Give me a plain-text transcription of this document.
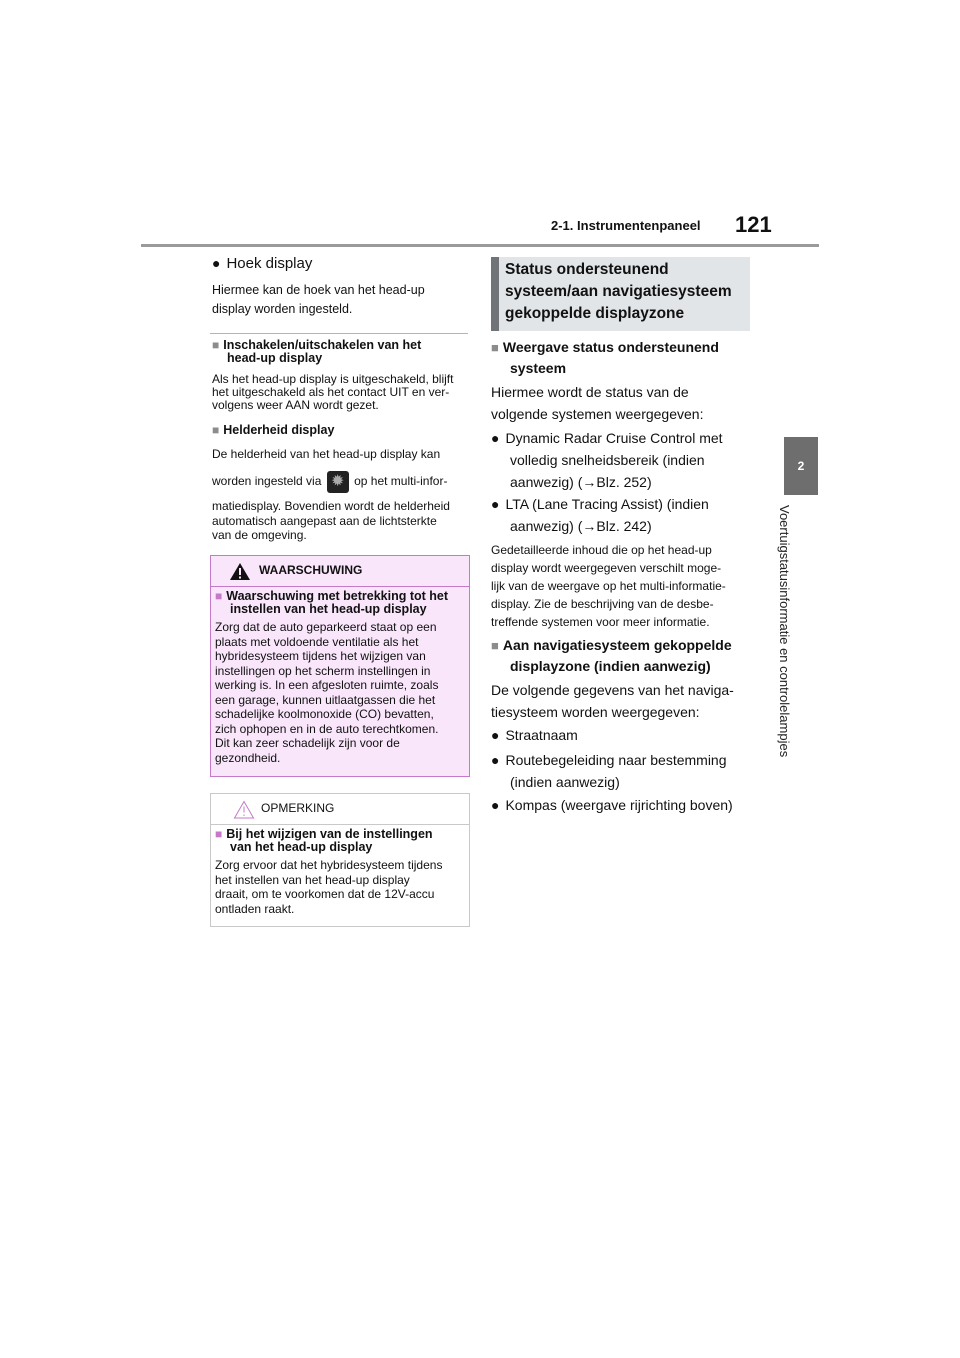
2-1. Instrumentenpaneel 121
2
Voertuigstatusinformatie en controlelampjes
● Hoek display

Hiermee kan de hoek van het head-up

display worden ingesteld.

■ Inschakelen/uitschakelen van het

head-up display

Als het head-up display is uitgeschakeld, blijft

het uitgeschakeld als het contact UIT en ver-

volgens weer AAN wordt gezet.

■ Helderheid display

De helderheid van het head-up display kan

worden ingesteld via ✹	op het multi-infor-

matiedisplay. Bovendien wordt de helderheid

automatisch aangepast aan de lichtsterkte

van de omgeving.

WAARSCHUWING

■ Waarschuwing met betrekking tot het

instellen van het head-up display

Zorg dat de auto geparkeerd staat op een

plaats met voldoende ventilatie als het

hybridesysteem tijdens het wijzigen van

instellingen op het scherm instellingen in

werking is. In een afgesloten ruimte, zoals

een garage, kunnen uitlaatgassen die het

schadelijke koolmonoxide (CO) bevatten,

zich ophopen en in de auto terechtkomen.

Dit kan zeer schadelijk zijn voor de

gezondheid.

OPMERKING

■ Bij het wijzigen van de instellingen

van het head-up display

Zorg ervoor dat het hybridesysteem tijdens

het instellen van het head-up display

draait, om te voorkomen dat de 12V-accu

ontladen raakt.

Status ondersteunend

systeem/aan navigatiesysteem

gekoppelde displayzone

■ Weergave status ondersteunend

systeem

Hiermee wordt de status van de

volgende systemen weergegeven:

● Dynamic Radar Cruise Control met

volledig snelheidsbereik (indien

aanwezig) (→Blz. 252)

● LTA (Lane Tracing Assist) (indien

aanwezig) (→Blz. 242)

Gedetailleerde inhoud die op het head-up

display wordt weergegeven verschilt moge-

lijk van de weergave op het multi-informatie-

display. Zie de beschrijving van de desbe-

treffende systemen voor meer informatie.

■ Aan navigatiesysteem gekoppelde

displayzone (indien aanwezig)

De volgende gegevens van het naviga-

tiesysteem worden weergegeven:

● Straatnaam

● Routebegeleiding naar bestemming

(indien aanwezig)

● Kompas (weergave rijrichting boven)
